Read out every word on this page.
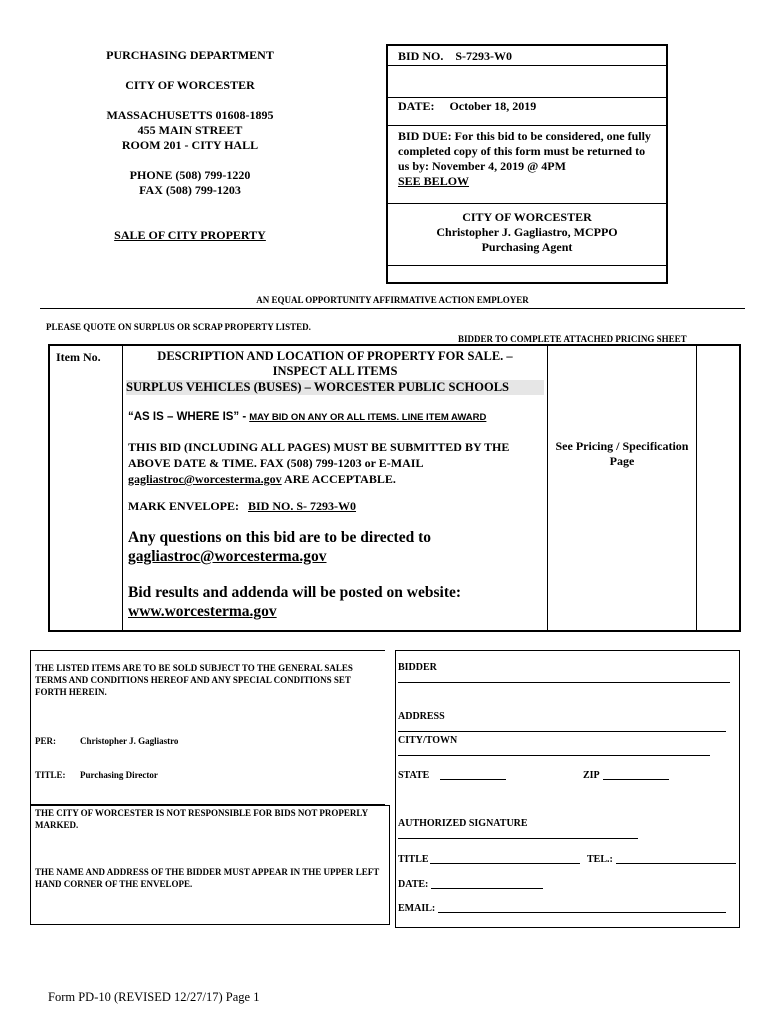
PURCHASING DEPARTMENT
CITY OF WORCESTER
MASSACHUSETTS 01608-1895
455 MAIN STREET
ROOM 201 - CITY HALL
PHONE (508) 799-1220
FAX (508) 799-1203
SALE OF CITY PROPERTY
BID NO. S-7293-W0
DATE: October 18, 2019
BID DUE: For this bid to be considered, one fully completed copy of this form must be returned to us by: November 4, 2019 @ 4PM
SEE BELOW
CITY OF WORCESTER
Christopher J. Gagliastro, MCPPO
Purchasing Agent
AN EQUAL OPPORTUNITY AFFIRMATIVE ACTION EMPLOYER
PLEASE QUOTE ON SURPLUS OR SCRAP PROPERTY LISTED.
BIDDER TO COMPLETE ATTACHED PRICING SHEET
Item No.	DESCRIPTION AND LOCATION OF PROPERTY FOR SALE. – INSPECT ALL ITEMS
SURPLUS VEHICLES (BUSES) – WORCESTER PUBLIC SCHOOLS
“AS IS – WHERE IS” - MAY BID ON ANY OR ALL ITEMS. LINE ITEM AWARD
THIS BID (INCLUDING ALL PAGES) MUST BE SUBMITTED BY THE ABOVE DATE & TIME. FAX (508) 799-1203 or E-MAIL
gagliastroc@worcesterma.gov ARE ACCEPTABLE.
MARK ENVELOPE: BID NO. S- 7293-W0
Any questions on this bid are to be directed to
gagliastroc@worcesterma.gov
Bid results and addenda will be posted on website:
www.worcesterma.gov
See Pricing / Specification Page
THE LISTED ITEMS ARE TO BE SOLD SUBJECT TO THE GENERAL SALES TERMS AND CONDITIONS HEREOF AND ANY SPECIAL CONDITIONS SET FORTH HEREIN.
PER:	Christopher J. Gagliastro
TITLE: Purchasing Director
THE CITY OF WORCESTER IS NOT RESPONSIBLE FOR BIDS NOT PROPERLY MARKED.
THE NAME AND ADDRESS OF THE BIDDER MUST APPEAR IN THE UPPER LEFT HAND CORNER OF THE ENVELOPE.
BIDDER
ADDRESS
CITY/TOWN
STATE	ZIP
AUTHORIZED SIGNATURE
TITLE	TEL.:
DATE:
EMAIL:
Form PD-10 (REVISED 12/27/17) Page 1
